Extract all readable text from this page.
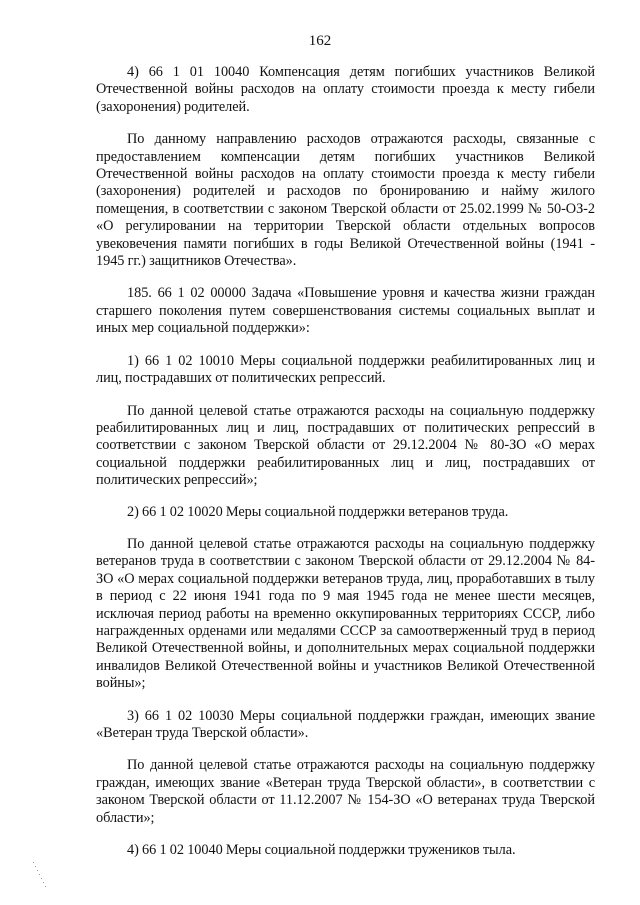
162

4) 66 1 01 10040 Компенсация детям погибших участников Великой Отечественной войны расходов на оплату стоимости проезда к месту гибели (захоронения) родителей.

По данному направлению расходов отражаются расходы, связанные с предоставлением компенсации детям погибших участников Великой Отечественной войны расходов на оплату стоимости проезда к месту гибели (захоронения) родителей и расходов по бронированию и найму жилого помещения, в соответствии с законом Тверской области от 25.02.1999 № 50-ОЗ-2 «О регулировании на территории Тверской области отдельных вопросов увековечения памяти погибших в годы Великой Отечественной войны (1941 - 1945 гг.) защитников Отечества».

185. 66 1 02 00000 Задача «Повышение уровня и качества жизни граждан старшего поколения путем совершенствования системы социальных выплат и иных мер социальной поддержки»:

1) 66 1 02 10010 Меры социальной поддержки реабилитированных лиц и лиц, пострадавших от политических репрессий.

По данной целевой статье отражаются расходы на социальную поддержку реабилитированных лиц и лиц, пострадавших от политических репрессий в соответствии с законом Тверской области от 29.12.2004 № 80-ЗО «О мерах социальной поддержки реабилитированных лиц и лиц, пострадавших от политических репрессий»;

2) 66 1 02 10020 Меры социальной поддержки ветеранов труда.

По данной целевой статье отражаются расходы на социальную поддержку ветеранов труда в соответствии с законом Тверской области от 29.12.2004 № 84-ЗО «О мерах социальной поддержки ветеранов труда, лиц, проработавших в тылу в период с 22 июня 1941 года по 9 мая 1945 года не менее шести месяцев, исключая период работы на временно оккупированных территориях СССР, либо награжденных орденами или медалями СССР за самоотверженный труд в период Великой Отечественной войны, и дополнительных мерах социальной поддержки инвалидов Великой Отечественной войны и участников Великой Отечественной войны»;

3) 66 1 02 10030 Меры социальной поддержки граждан, имеющих звание «Ветеран труда Тверской области».

По данной целевой статье отражаются расходы на социальную поддержку граждан, имеющих звание «Ветеран труда Тверской области», в соответствии с законом Тверской области от 11.12.2007 № 154-ЗО «О ветеранах труда Тверской области»;

4) 66 1 02 10040 Меры социальной поддержки тружеников тыла.
